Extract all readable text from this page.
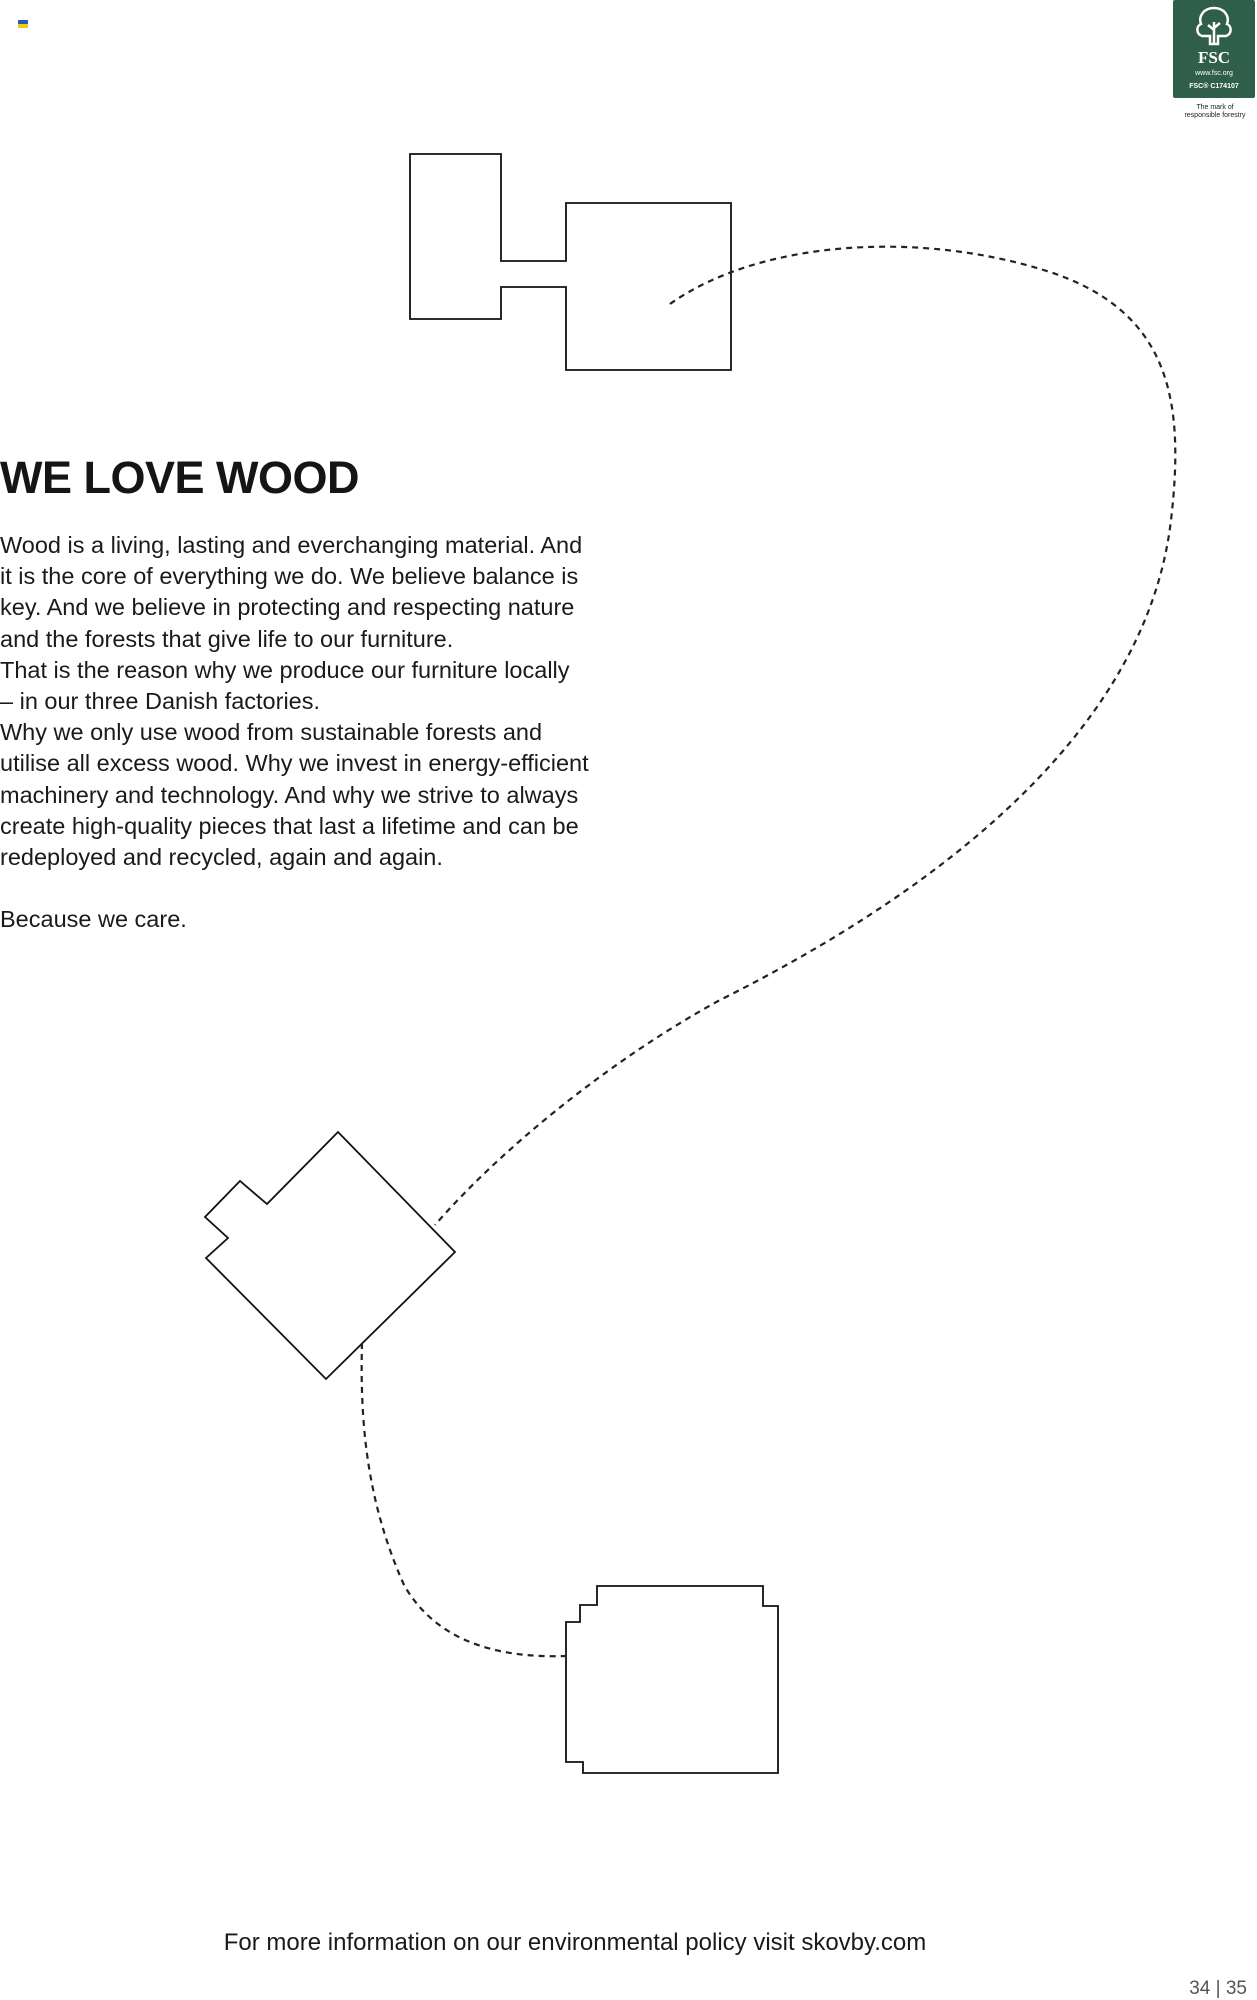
FSC
www.fsc.org
FSC® C174107
The mark of
responsible forestry
WE LOVE WOOD

Wood is a living, lasting and everchanging material. And

it is the core of everything we do. We believe balance is

key. And we believe in protecting and respecting nature

and the forests that give life to our furniture.

That is the reason why we produce our furniture locally

– in our three Danish factories.

Why we only use wood from sustainable forests and

utilise all excess wood. Why we invest in energy-efficient

machinery and technology. And why we strive to always

create high-quality pieces that last a lifetime and can be

redeployed and recycled, again and again.

Because we care.

For more information on our environmental policy visit skovby.com
34 | 35
